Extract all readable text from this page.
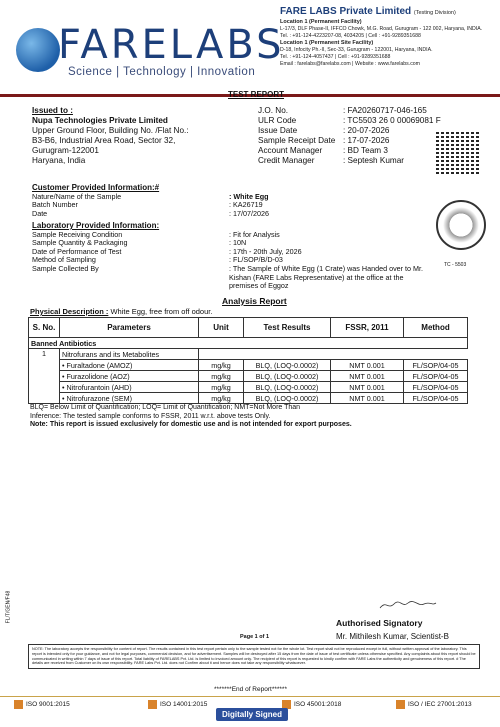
FARELABS
Science | Technology | Innovation
FARE LABS Private Limited (Testing Division)
Location 1 (Permanent Facility)
L-17/3, DLF Phase-II, IFFCO Chowk, M.G. Road, Gurugram - 122 002, Haryana, INDIA.
Tel. : +91-124-4223207-08, 4034205 | Cell : +91-9289351688
Location 1 (Permanent Site Facility)
D-18, Infocity Ph.-II, Sec-33, Gurugram - 122001, Haryana, INDIA.
Tel. : +91-124-4057437 | Cell : +91-9289351688
Email : farelabs@farelabs.com | Website : www.farelabs.com
TEST REPORT
Issued to :
Nupa Technologies Private Limited
Upper Ground Floor, Building No. /Flat No.:
B3-B6, Industrial Area Road, Sector 32,
Gurugram-122001
Haryana, India
J.O. No.	: FA20260717-046-165
ULR Code	: TC5503 26 0 00069081 F
Issue Date	: 20-07-2026
Sample Receipt Date : 17-07-2026
Account Manager	: BD Team 3
Credit Manager	: Septesh Kumar
Customer Provided Information:#
Nature/Name of the Sample	: White Egg
Batch Number	: KA26719
Date	: 17/07/2026
Laboratory Provided Information:
Sample Receiving Condition	: Fit for Analysis
Sample Quantity & Packaging	: 10N
Date of Performance of Test	: 17th - 20th July, 2026
Method of Sampling	: FL/SOP/B/D-03
Sample Collected By	: The Sample of White Egg (1 Crate) was Handed over to Mr. Kishan (FARE Labs Representative) at the office at the premises of Eggoz
TC - 5503
Analysis Report
Physical Description : White Egg, free from off odour.
S. No.	Parameters	Unit	Test Results	FSSR, 2011	Method
Banned Antibiotics					
1	Nitrofurans and its Metabolites				
	• Furaltadone (AMOZ)	mg/kg	BLQ, (LOQ-0.0002)	NMT 0.001	FL/SOP/04-05
	• Furazolidone (AOZ)	mg/kg	BLQ, (LOQ-0.0002)	NMT 0.001	FL/SOP/04-05
	• Nitrofurantoin (AHD)	mg/kg	BLQ, (LOQ-0.0002)	NMT 0.001	FL/SOP/04-05
	• Nitrofurazone (SEM)	mg/kg	BLQ, (LOQ-0.0002)	NMT 0.001	FL/SOP/04-05
BLQ= Below Limit of Quantification; LOQ= Limit of Quantification; NMT=Not More Than
Inference: The tested sample conforms to FSSR, 2011 w.r.t. above tests Only.
Note: This report is issued exclusively for domestic use and is not intended for export purposes.
Authorised Signatory
Mr. Mithilesh Kumar, Scientist-B
Page 1 of 1
FL/T/GEN/F48
NOTE: The laboratory accepts the responsibility for content of report. The results contained in this test report pertain only to the sample tested not for the whole lot. Test report shall not be reproduced except in full, without written approval of the laboratory. This report is intended only for your guidance, and not for legal purposes, commercial decision, and for advertisement. Samples will be destroyed after 15 days from the date of issue of test certificate unless otherwise specified. Any complaints about this report should be communicated in writing within 7 days of issue of this report. Total liability of FARELABS Pvt. Ltd. is limited to invoiced amount only. The recipient of this report is requested to kindly confirm with FARE Labs the authenticity and genuineness of this report. # The details are received from Customer on its own responsibility. FARE Labs Pvt. Ltd. does not Confirm about it and hence does not take any responsibility whatsoever.
*******End of Report******
ISO 9001:2015	ISO 14001:2015	ISO 45001:2018	ISO / IEC 27001:2013
Digitally Signed
